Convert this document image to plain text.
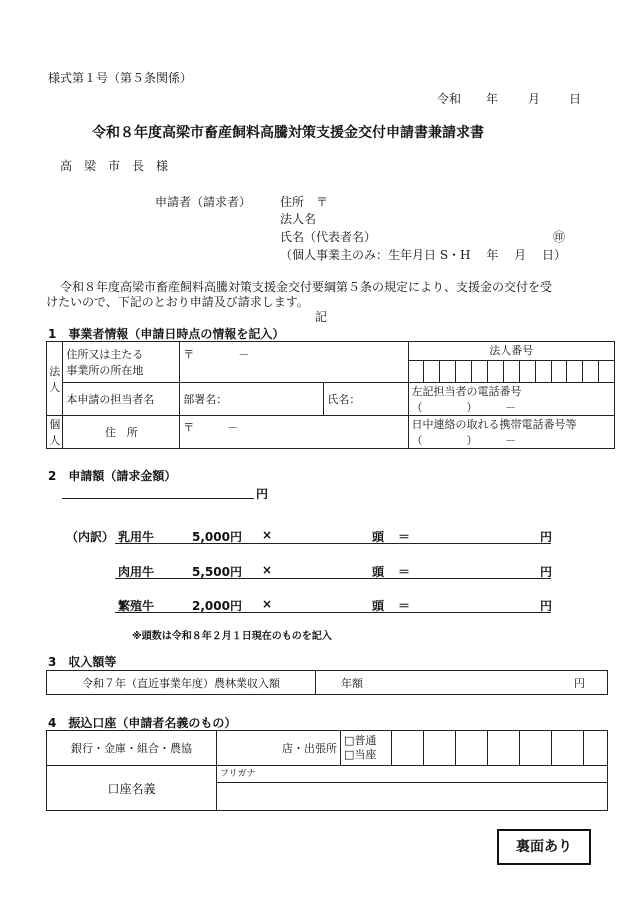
様式第１号（第５条関係）
令和 年 月 日
令和８年度高梁市畜産飼料高騰対策支援金交付申請書兼請求書
高　梁　市　長　様
申請者（請求者） 住所　〒
法人名
氏名（代表者名）	㊞
（個人事業主のみ：生年月日 S・H　 年　 月　 日）
令和８年度高梁市畜産飼料高騰対策支援金交付要綱第５条の規定により、支援金の交付を受
けたいので、下記のとおり申請及び請求します。
記
1　事業者情報（申請日時点の情報を記入）
法人	住所又は主たる
事業所の所在地	〒　　　　－		法人番号

	本申請の担当者名	部署名：	氏名：	左記担当者の電話番号
（　　　　）　　　－

個人	住　所	〒　　　－		日中連絡の取れる携帯電話番号等
（　　　　）　　　－
2　申請額（請求金額）
円
（内訳） 乳用牛	5,000円 ×	頭 ＝	円
肉用牛	5,500円 ×	頭 ＝	円
繁殖牛	2,000円 ×	頭 ＝	円
※頭数は令和８年２月１日現在のものを記入
3　収入額等
令和７年（直近事業年度）農林業収入額	年額	円
4　振込口座（申請者名義のもの）
銀行・金庫・組合・農協	店・出張所	□普通
□当座							

口座名義	フリガナ								

裏面あり
